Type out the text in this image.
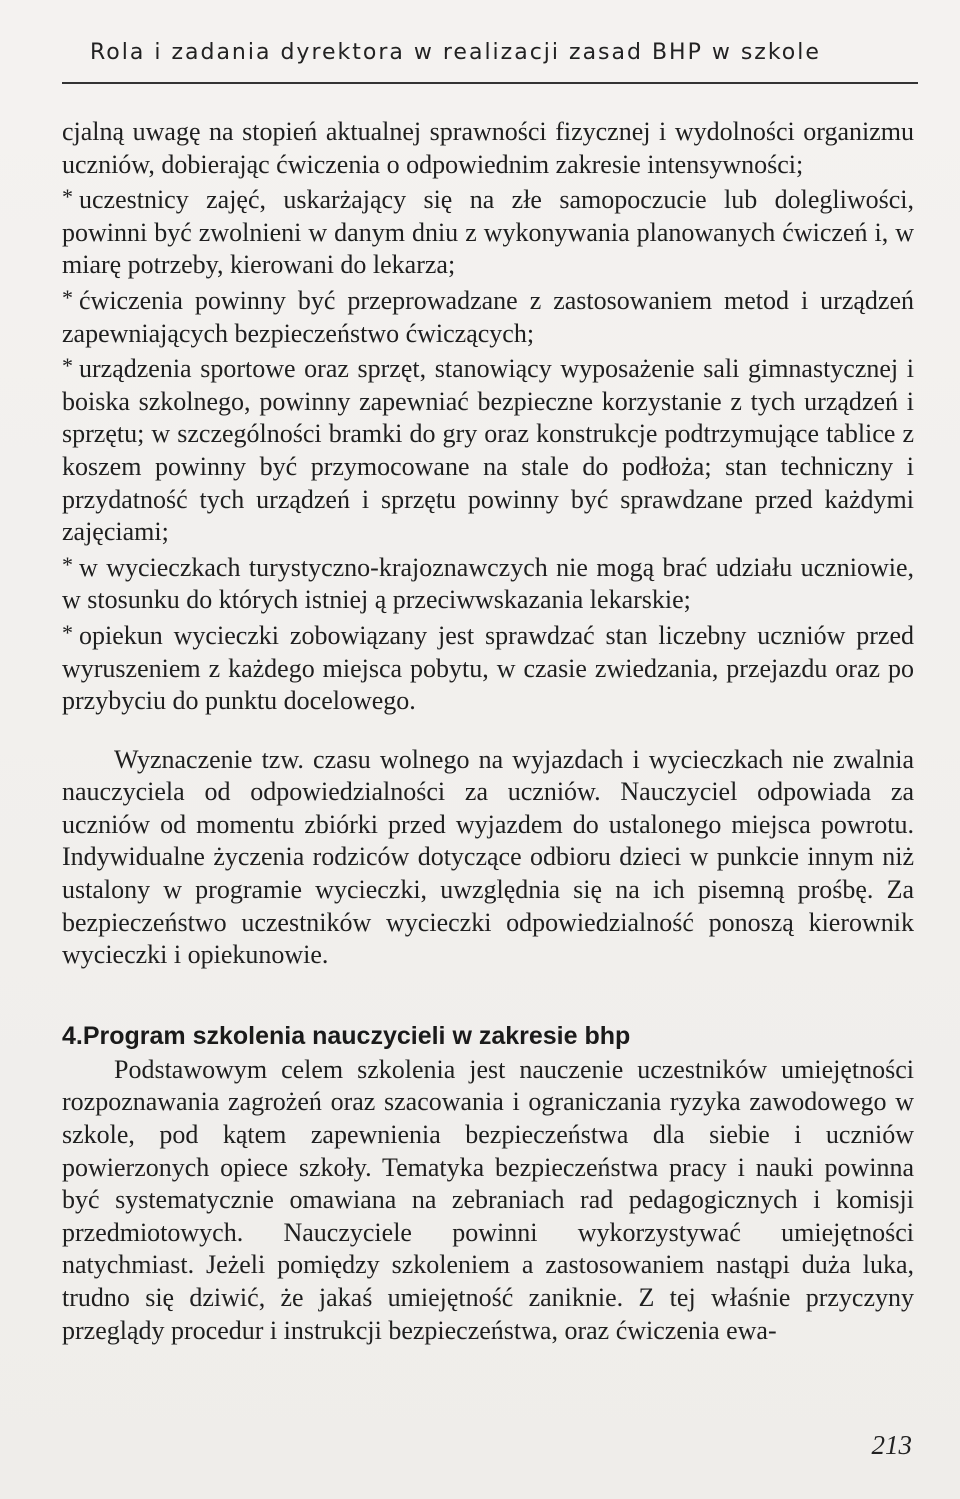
Rola i zadania dyrektora w realizacji zasad BHP w szkole

cjalną uwagę na stopień aktualnej sprawności fizycznej i wydolności organizmu uczniów, dobierając ćwiczenia o odpowiednim zakresie intensywności;

* uczestnicy zajęć, uskarżający się na złe samopoczucie lub dolegliwości, powinni być zwolnieni w danym dniu z wykonywania planowanych ćwiczeń i, w miarę potrzeby, kierowani do lekarza;

* ćwiczenia powinny być przeprowadzane z zastosowaniem metod i urządzeń zapewniających bezpieczeństwo ćwiczących;

* urządzenia sportowe oraz sprzęt, stanowiący wyposażenie sali gimnastycznej i boiska szkolnego, powinny zapewniać bezpieczne korzystanie z tych urządzeń i sprzętu; w szczególności bramki do gry oraz konstrukcje podtrzymujące tablice z koszem powinny być przymocowane na stale do podłoża; stan techniczny i przydatność tych urządzeń i sprzętu powinny być sprawdzane przed każdymi zajęciami;

* w wycieczkach turystyczno-krajoznawczych nie mogą brać udziału uczniowie, w stosunku do których istniej ą przeciwwskazania lekarskie;

* opiekun wycieczki zobowiązany jest sprawdzać stan liczebny uczniów przed wyruszeniem z każdego miejsca pobytu, w czasie zwiedzania, przejazdu oraz po przybyciu do punktu docelowego.

Wyznaczenie tzw. czasu wolnego na wyjazdach i wycieczkach nie zwalnia nauczyciela od odpowiedzialności za uczniów. Nauczyciel odpowiada za uczniów od momentu zbiórki przed wyjazdem do ustalonego miejsca powrotu. Indywidualne życzenia rodziców dotyczące odbioru dzieci w punkcie innym niż ustalony w programie wycieczki, uwzględnia się na ich pisemną prośbę. Za bezpieczeństwo uczestników wycieczki odpowiedzialność ponoszą kierownik wycieczki i opiekunowie.

4.Program szkolenia nauczycieli w zakresie bhp

Podstawowym celem szkolenia jest nauczenie uczestników umiejętności rozpoznawania zagrożeń oraz szacowania i ograniczania ryzyka zawodowego w szkole, pod kątem zapewnienia bezpieczeństwa dla siebie i uczniów powierzonych opiece szkoły. Tematyka bezpieczeństwa pracy i nauki powinna być systematycznie omawiana na zebraniach rad pedagogicznych i komisji przedmiotowych. Nauczyciele powinni wykorzystywać umiejętności natychmiast. Jeżeli pomiędzy szkoleniem a zastosowaniem nastąpi duża luka, trudno się dziwić, że jakaś umiejętność zaniknie. Z tej właśnie przyczyny przeglądy procedur i instrukcji bezpieczeństwa, oraz ćwiczenia ewa-

213
